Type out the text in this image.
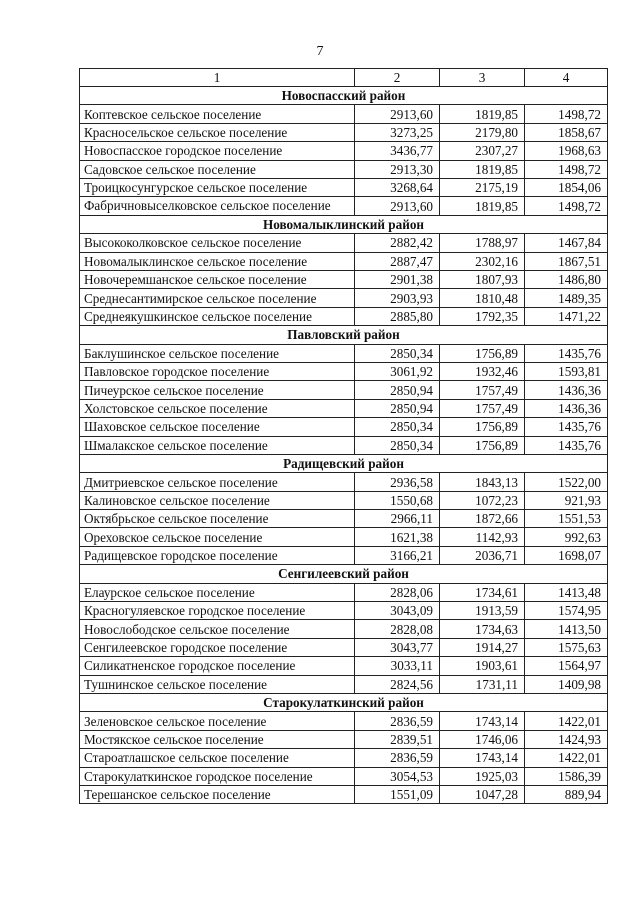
7
1	2	3	4
Новоспасский район			
Коптевское сельское поселение	2913,60	1819,85	1498,72
Красносельское сельское поселение	3273,25	2179,80	1858,67
Новоспасское городское поселение	3436,77	2307,27	1968,63
Садовское сельское поселение	2913,30	1819,85	1498,72
Троицкосунгурское сельское поселение	3268,64	2175,19	1854,06
Фабричновыселковское сельское поселение	2913,60	1819,85	1498,72
Новомалыклинский район			
Высококолковское сельское поселение	2882,42	1788,97	1467,84
Новомалыклинское сельское поселение	2887,47	2302,16	1867,51
Новочеремшанское сельское поселение	2901,38	1807,93	1486,80
Среднесантимирское сельское поселение	2903,93	1810,48	1489,35
Среднеякушкинское сельское поселение	2885,80	1792,35	1471,22
Павловский район			
Баклушинское сельское поселение	2850,34	1756,89	1435,76
Павловское городское поселение	3061,92	1932,46	1593,81
Пичеурское сельское поселение	2850,94	1757,49	1436,36
Холстовское сельское поселение	2850,94	1757,49	1436,36
Шаховское сельское поселение	2850,34	1756,89	1435,76
Шмалакское сельское поселение	2850,34	1756,89	1435,76
Радищевский район			
Дмитриевское сельское поселение	2936,58	1843,13	1522,00
Калиновское сельское поселение	1550,68	1072,23	921,93
Октябрьское сельское поселение	2966,11	1872,66	1551,53
Ореховское сельское поселение	1621,38	1142,93	992,63
Радищевское городское поселение	3166,21	2036,71	1698,07
Сенгилеевский район			
Елаурское сельское поселение	2828,06	1734,61	1413,48
Красногуляевское городское поселение	3043,09	1913,59	1574,95
Новослободское сельское поселение	2828,08	1734,63	1413,50
Сенгилеевское городское поселение	3043,77	1914,27	1575,63
Силикатненское городское поселение	3033,11	1903,61	1564,97
Тушнинское сельское поселение	2824,56	1731,11	1409,98
Старокулаткинский район			
Зеленовское сельское поселение	2836,59	1743,14	1422,01
Мостякское сельское поселение	2839,51	1746,06	1424,93
Староатлашское сельское поселение	2836,59	1743,14	1422,01
Старокулаткинское городское поселение	3054,53	1925,03	1586,39
Терешанское сельское поселение	1551,09	1047,28	889,94
